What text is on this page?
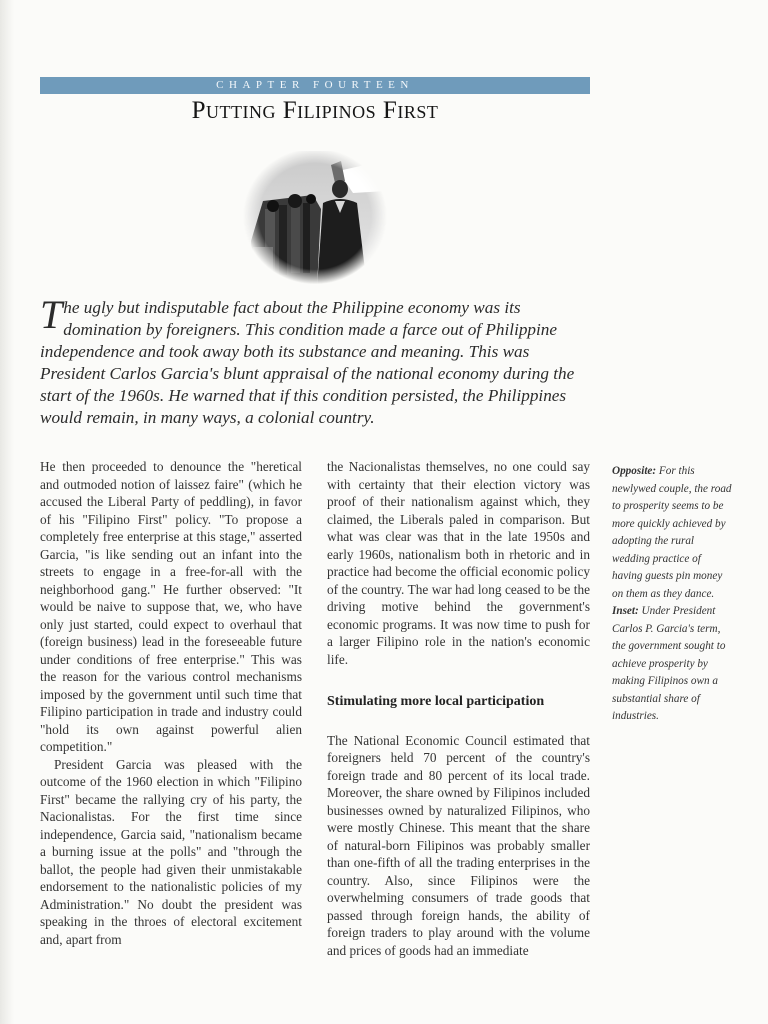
CHAPTER FOURTEEN
Putting Filipinos First

The ugly but indisputable fact about the Philippine economy was its domination by foreigners. This condition made a farce out of Philippine independence and took away both its substance and meaning. This was President Carlos Garcia's blunt appraisal of the national economy during the start of the 1960s. He warned that if this condition persisted, the Philippines would remain, in many ways, a colonial country.

He then proceeded to denounce the "heretical and outmoded notion of laissez faire" (which he accused the Liberal Party of peddling), in favor of his "Filipino First" policy. "To propose a completely free enterprise at this stage," asserted Garcia, "is like sending out an infant into the streets to engage in a free-for-all with the neighborhood gang." He further observed: "It would be naive to suppose that, we, who have only just started, could expect to overhaul that (foreign business) lead in the foreseeable future under conditions of free enterprise." This was the reason for the various control mechanisms imposed by the government until such time that Filipino participation in trade and industry could "hold its own against powerful alien competition."

President Garcia was pleased with the outcome of the 1960 election in which "Filipino First" became the rallying cry of his party, the Nacionalistas. For the first time since independence, Garcia said, "nationalism became a burning issue at the polls" and "through the ballot, the people had given their unmistakable endorsement to the nationalistic policies of my Administration." No doubt the president was speaking in the throes of electoral excitement and, apart from

the Nacionalistas themselves, no one could say with certainty that their election victory was proof of their nationalism against which, they claimed, the Liberals paled in comparison. But what was clear was that in the late 1950s and early 1960s, nationalism both in rhetoric and in practice had become the official economic policy of the country. The war had long ceased to be the driving motive behind the government's economic programs. It was now time to push for a larger Filipino role in the nation's economic life.

Stimulating more local participation

The National Economic Council estimated that foreigners held 70 percent of the country's foreign trade and 80 percent of its local trade. Moreover, the share owned by Filipinos included businesses owned by naturalized Filipinos, who were mostly Chinese. This meant that the share of natural-born Filipinos was probably smaller than one-fifth of all the trading enterprises in the country. Also, since Filipinos were the overwhelming consumers of trade goods that passed through foreign hands, the ability of foreign traders to play around with the volume and prices of goods had an immediate

Opposite: For this newlywed couple, the road to prosperity seems to be more quickly achieved by adopting the rural wedding practice of having guests pin money on them as they dance. Inset: Under President Carlos P. Garcia's term, the government sought to achieve prosperity by making Filipinos own a substantial share of industries.
